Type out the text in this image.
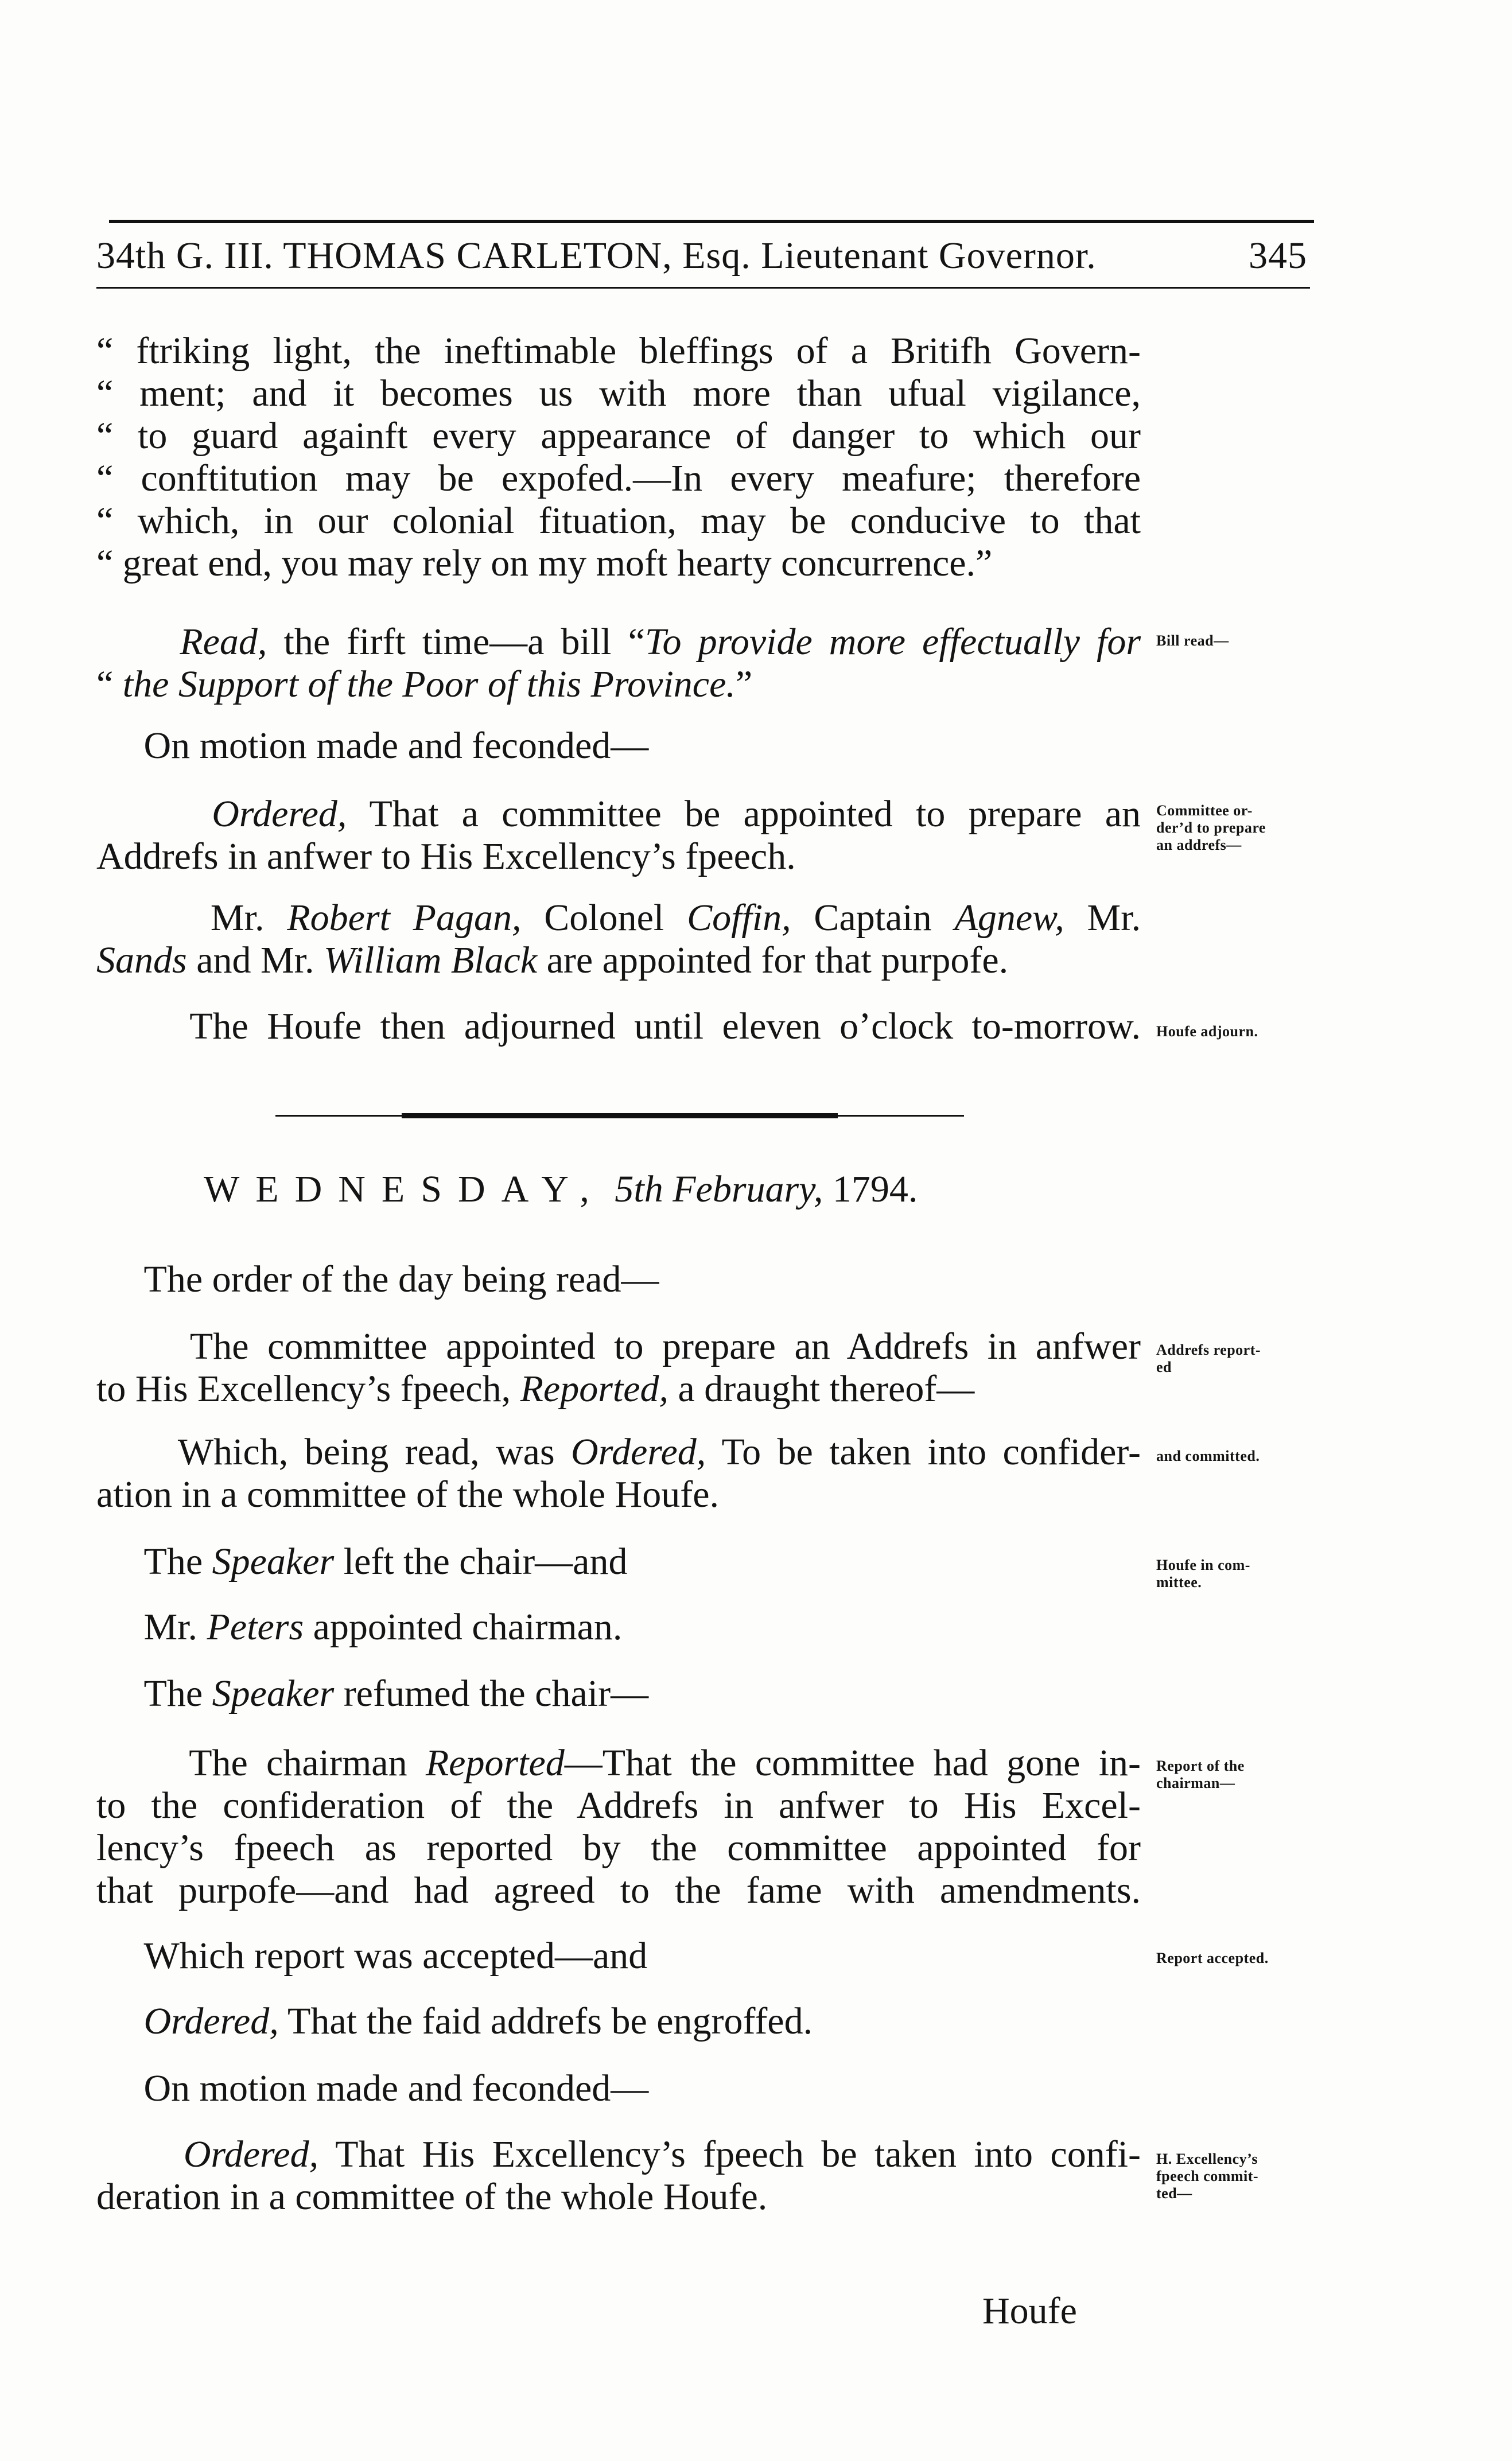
34th G. III. THOMAS CARLETON, Esq. Lieutenant Governor.	345
“ ftriking light, the ineftimable bleffings of a Britifh Govern-
“ ment; and it becomes us with more than ufual vigilance,
“ to guard againft every appearance of danger to which our
“ conftitution may be expofed.—In every meafure; therefore
“ which, in our colonial fituation, may be conducive to that
“ great end, you may rely on my moft hearty concurrence.”
Read, the firft time—a bill “To provide more effectually for
“ the Support of the Poor of this Province.”
On motion made and feconded—
Ordered, That a committee be appointed to prepare an
Addrefs in anfwer to His Excellency’s fpeech.
Mr. Robert Pagan, Colonel Coffin, Captain Agnew, Mr.
Sands and Mr. William Black are appointed for that purpofe.
The Houfe then adjourned until eleven o’clock to-morrow.
WEDNESDAY, 5th February, 1794.
The order of the day being read—
The committee appointed to prepare an Addrefs in anfwer
to His Excellency’s fpeech, Reported, a draught thereof—
Which, being read, was Ordered, To be taken into confider-
ation in a committee of the whole Houfe.
The Speaker left the chair—and
Mr. Peters appointed chairman.
The Speaker refumed the chair—
The chairman Reported—That the committee had gone in-
to the confideration of the Addrefs in anfwer to His Excel-
lency’s fpeech as reported by the committee appointed for
that purpofe—and had agreed to the fame with amendments.
Which report was accepted—and
Ordered, That the faid addrefs be engroffed.
On motion made and feconded—
Ordered, That His Excellency’s fpeech be taken into confi-
deration in a committee of the whole Houfe.
Houfe
Bill read—
Committee or-
der’d to prepare
an addrefs—
Houfe adjourn.
Addrefs report-
ed
and committed.
Houfe in com-
mittee.
Report of the
chairman—
Report accepted.
H. Excellency’s
fpeech commit-
ted—
